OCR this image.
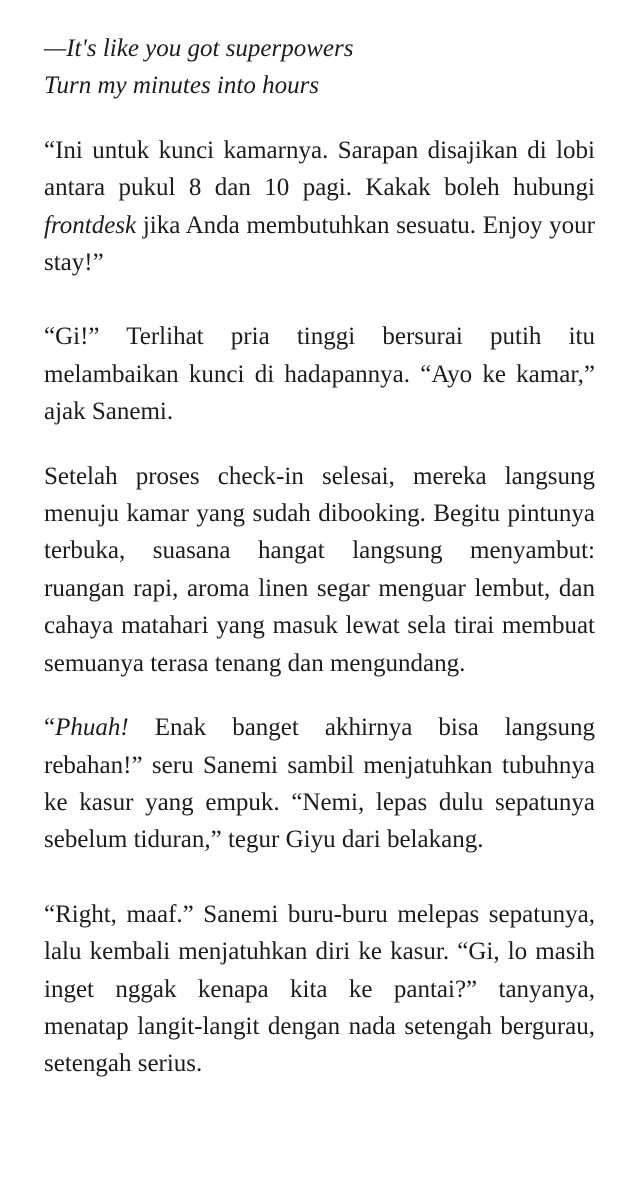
—It's like you got superpowers
Turn my minutes into hours

“Ini untuk kunci kamarnya. Sarapan disajikan di lobi antara pukul 8 dan 10 pagi. Kakak boleh hubungi frontdesk jika Anda membutuhkan sesuatu. Enjoy your stay!”

“Gi!” Terlihat pria tinggi bersurai putih itu melambaikan kunci di hadapannya. “Ayo ke kamar,” ajak Sanemi.

Setelah proses check-in selesai, mereka langsung menuju kamar yang sudah dibooking. Begitu pintunya terbuka, suasana hangat langsung menyambut: ruangan rapi, aroma linen segar menguar lembut, dan cahaya matahari yang masuk lewat sela tirai membuat semuanya terasa tenang dan mengundang.

“Phuah! Enak banget akhirnya bisa langsung rebahan!” seru Sanemi sambil menjatuhkan tubuhnya ke kasur yang empuk. “Nemi, lepas dulu sepatunya sebelum tiduran,” tegur Giyu dari belakang.

“Right, maaf.” Sanemi buru-buru melepas sepatunya, lalu kembali menjatuhkan diri ke kasur. “Gi, lo masih inget nggak kenapa kita ke pantai?” tanyanya, menatap langit-langit dengan nada setengah bergurau, setengah serius.
